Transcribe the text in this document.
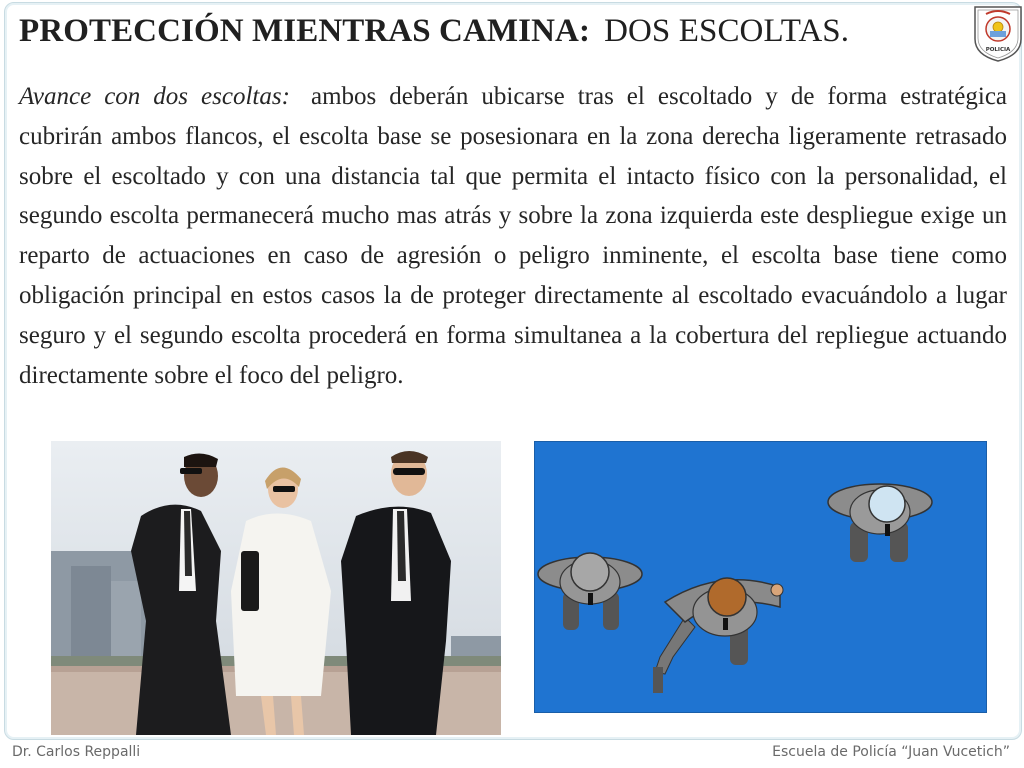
PROTECCIÓN MIENTRAS CAMINA: DOS ESCOLTAS.
POLICIA
Avance con dos escoltas: ambos deberán ubicarse tras el escoltado y de forma estratégica cubrirán ambos flancos, el escolta base se posesionara en la zona derecha ligeramente retrasado sobre el escoltado y con una distancia tal que permita el intacto físico con la personalidad, el segundo escolta permanecerá mucho mas atrás y sobre la zona izquierda este despliegue exige un reparto de actuaciones en caso de agresión o peligro inminente, el escolta base tiene como obligación principal en estos casos la de proteger directamente al escoltado evacuándolo a lugar seguro y el segundo escolta procederá en forma simultanea a la cobertura del repliegue actuando directamente sobre el foco del peligro.
Dr. Carlos Reppalli	Escuela de Policía “Juan Vucetich”
